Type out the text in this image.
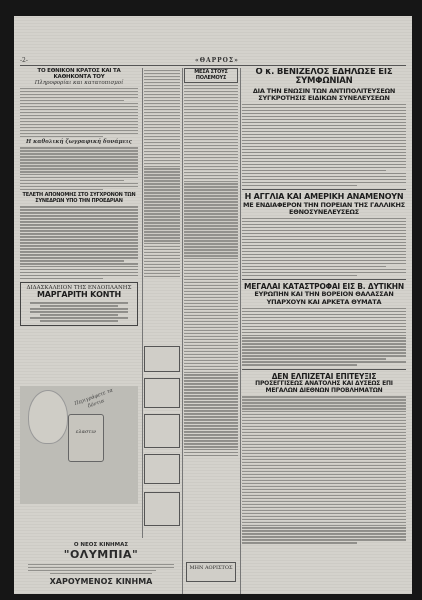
-2-	«ΘΑΡΡΟΣ»
ΤΟ ΕΘΝΙΚΟΝ ΚΡΑΤΟΣ ΚΑΙ ΤΑ ΚΑΘΗΚΟΝΤΑ ΤΟΥ
Πληροφορίαι και κατατοπισμοί
Η καθολική ζωγραφική δυνάμεις
ΤΕΛΕΤΗ ΑΠΟΝΟΜΗΣ ΣΤΟ ΣΥΓΧΡΟΝΟΝ ΤΩΝ ΣΥΝΕΔΡΩΝ ΥΠΟ ΤΗΝ ΠΡΟΕΔΡΙΑΝ
ΔΙΔΑΣΚΑΛΕΙΟΝ ΤΗΣ ΕΝΔΟΠΛΑΝΗΣ
ΜΑΡΓΑΡΙΤΗ ΚΟΝΤΗ
Περιγράφετε τα δόντια
ελαστιν
Ο ΝΕΟΣ ΚΙΝΗΜΑΣ
"ΟΛΥΜΠΙΑ"
ΧΑΡΟΥΜΕΝΟΣ ΚΙΝΗΜΑ
ΜΕΣΑ ΣΤΟΥΣ ΠΟΛΕΜΟΥΣ
ΜΗΝ ΑΟΡΙΣΤΟΣ
Ο κ. ΒΕΝΙΖΕΛΟΣ ΕΔΗΛΩΣΕ ΕΙΣ ΣΥΜΦΩΝΙΑΝ
ΔΙΑ ΤΗΝ ΕΝΩΣΙΝ ΤΩΝ ΑΝΤΙΠΟΛΙΤΕΥΣΕΩΝ ΣΥΓΚΡΟΤΗΣΙΣ ΕΙΔΙΚΩΝ ΣΥΝΕΛΕΥΣΕΩΝ
Η ΑΓΓΛΙΑ ΚΑΙ ΑΜΕΡΙΚΗ ΑΝΑΜΕΝΟΥΝ
ΜΕ ΕΝΔΙΑΦΕΡΟΝ ΤΗΝ ΠΟΡΕΙΑΝ ΤΗΣ ΓΑΛΛΙΚΗΣ ΕΘΝΟΣΥΝΕΛΕΥΣΕΩΣ
ΜΕΓΑΛΑΙ ΚΑΤΑΣΤΡΟΦΑΙ ΕΙΣ Β. ΔΥΤΙΚΗΝ
ΕΥΡΩΠΗΝ ΚΑΙ ΤΗΝ ΒΟΡΕΙΟΝ ΘΑΛΑΣΣΑΝ ΥΠΑΡΧΟΥΝ ΚΑΙ ΑΡΚΕΤΑ ΘΥΜΑΤΑ
ΔΕΝ ΕΛΠΙΖΕΤΑΙ ΕΠΙΤΕΥΞΙΣ
ΠΡΟΣΕΓΓΙΣΕΩΣ ΑΝΑΤΟΛΗΣ ΚΑΙ ΔΥΣΕΩΣ ΕΠΙ ΜΕΓΑΛΩΝ ΔΙΕΘΝΩΝ ΠΡΟΒΛΗΜΑΤΩΝ
